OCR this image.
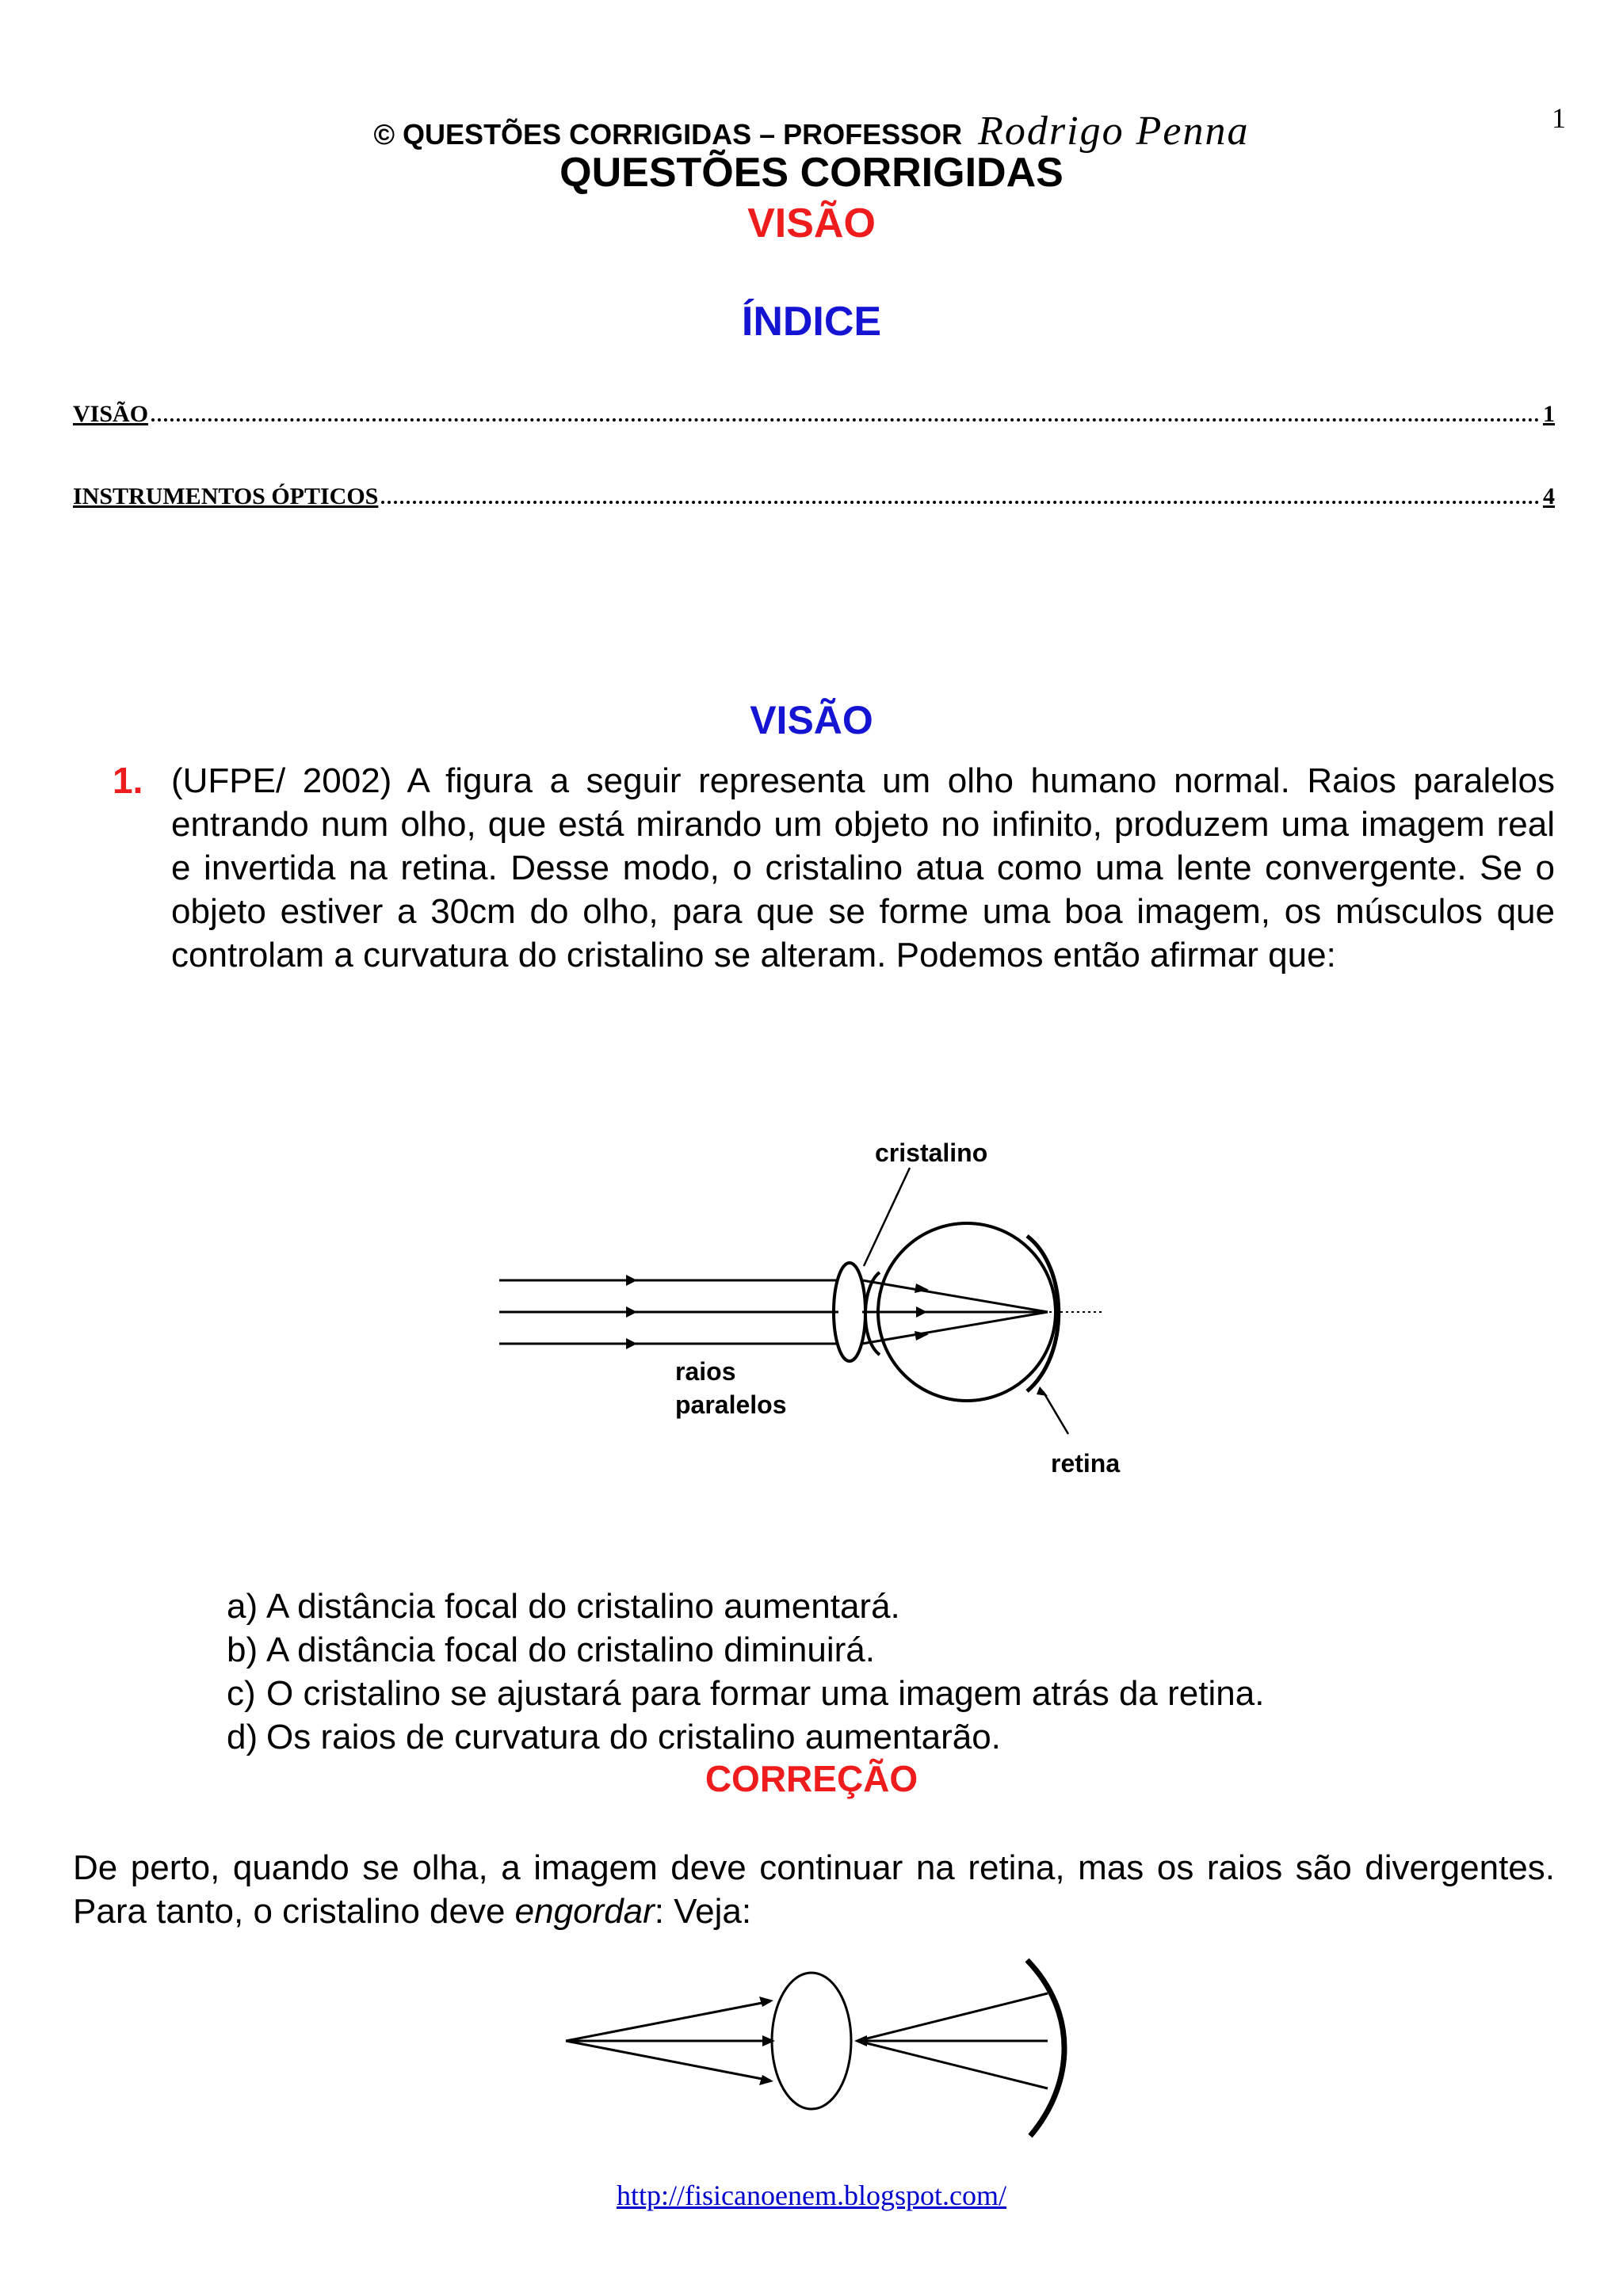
1
© QUESTÕES CORRIGIDAS – PROFESSOR Rodrigo Penna
QUESTÕES CORRIGIDAS
VISÃO
ÍNDICE
VISÃO	1
INSTRUMENTOS ÓPTICOS	4
VISÃO
1. (UFPE/ 2002) A figura a seguir representa um olho humano normal. Raios paralelos entrando num olho, que está mirando um objeto no infinito, produzem uma imagem real e invertida na retina. Desse modo, o cristalino atua como uma lente convergente. Se o objeto estiver a 30cm do olho, para que se forme uma boa imagem, os músculos que controlam a curvatura do cristalino se alteram. Podemos então afirmar que:
cristalino
raios
paralelos
retina
a) A distância focal do cristalino aumentará.
b) A distância focal do cristalino diminuirá.
c) O cristalino se ajustará para formar uma imagem atrás da retina.
d) Os raios de curvatura do cristalino aumentarão.
CORREÇÃO
De perto, quando se olha, a imagem deve continuar na retina, mas os raios são divergentes. Para tanto, o cristalino deve engordar: Veja:
http://fisicanoenem.blogspot.com/
